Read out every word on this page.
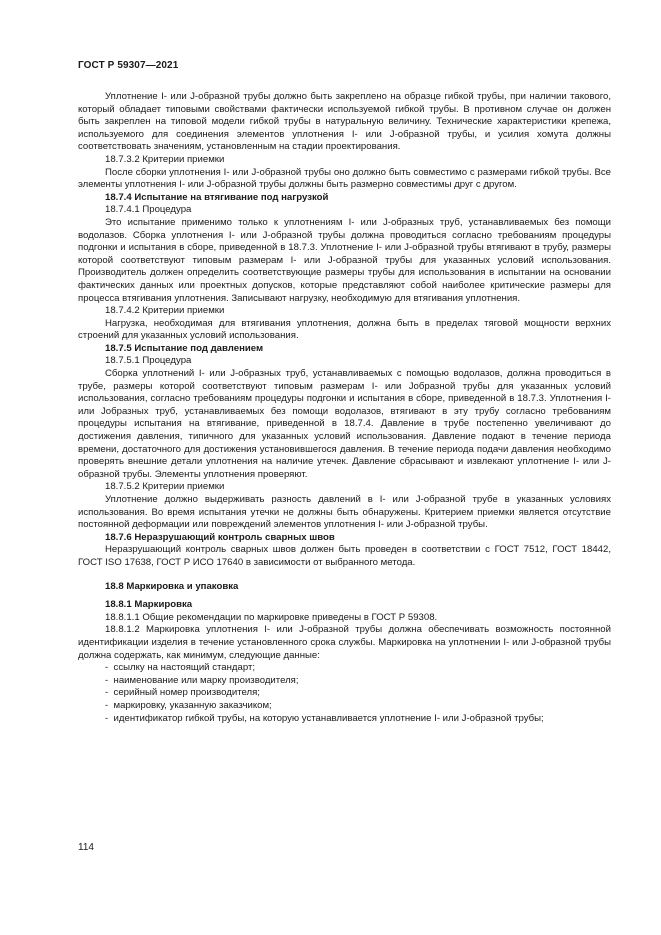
ГОСТ Р 59307—2021

Уплотнение I- или J-образной трубы должно быть закреплено на образце гибкой трубы, при наличии такового, который обладает типовыми свойствами фактически используемой гибкой трубы. В противном случае он должен быть закреплен на типовой модели гибкой трубы в натуральную величину. Технические характеристики крепежа, используемого для соединения элементов уплотнения I- или J-образной трубы, и усилия хомута должны соответствовать значениям, установленным на стадии проектирования.

18.7.3.2 Критерии приемки

После сборки уплотнения I- или J-образной трубы оно должно быть совместимо с размерами гибкой трубы. Все элементы уплотнения I- или J-образной трубы должны быть размерно совместимы друг с другом.

18.7.4 Испытание на втягивание под нагрузкой

18.7.4.1 Процедура

Это испытание применимо только к уплотнениям I- или J-образных труб, устанавливаемых без помощи водолазов. Сборка уплотнения I- или J-образной трубы должна проводиться согласно требованиям процедуры подгонки и испытания в сборе, приведенной в 18.7.3. Уплотнение I- или J-образной трубы втягивают в трубу, размеры которой соответствуют типовым размерам I- или J-образной трубы для указанных условий использования. Производитель должен определить соответствующие размеры трубы для использования в испытании на основании фактических данных или проектных допусков, которые представляют собой наиболее критические размеры для процесса втягивания уплотнения. Записывают нагрузку, необходимую для втягивания уплотнения.

18.7.4.2 Критерии приемки

Нагрузка, необходимая для втягивания уплотнения, должна быть в пределах тяговой мощности верхних строений для указанных условий использования.

18.7.5 Испытание под давлением

18.7.5.1 Процедура

Сборка уплотнений I- или J-образных труб, устанавливаемых с помощью водолазов, должна проводиться в трубе, размеры которой соответствуют типовым размерам I- или Jобразной трубы для указанных условий использования, согласно требованиям процедуры подгонки и испытания в сборе, приведенной в 18.7.3. Уплотнения I- или Jобразных труб, устанавливаемых без помощи водолазов, втягивают в эту трубу согласно требованиям процедуры испытания на втягивание, приведенной в 18.7.4. Давление в трубе постепенно увеличивают до достижения давления, типичного для указанных условий использования. Давление подают в течение периода времени, достаточного для достижения установившегося давления. В течение периода подачи давления необходимо проверять внешние детали уплотнения на наличие утечек. Давление сбрасывают и извлекают уплотнение I- или J-образной трубы. Элементы уплотнения проверяют.

18.7.5.2 Критерии приемки

Уплотнение должно выдерживать разность давлений в I- или J-образной трубе в указанных условиях использования. Во время испытания утечки не должны быть обнаружены. Критерием приемки является отсутствие постоянной деформации или повреждений элементов уплотнения I- или J-образной трубы.

18.7.6 Неразрушающий контроль сварных швов

Неразрушающий контроль сварных швов должен быть проведен в соответствии с ГОСТ 7512, ГОСТ 18442, ГОСТ ISO 17638, ГОСТ Р ИСО 17640 в зависимости от выбранного метода.

18.8 Маркировка и упаковка

18.8.1 Маркировка

18.8.1.1 Общие рекомендации по маркировке приведены в ГОСТ Р 59308.

18.8.1.2 Маркировка уплотнения I- или J-образной трубы должна обеспечивать возможность постоянной идентификации изделия в течение установленного срока службы. Маркировка на уплотнении I- или J-образной трубы должна содержать, как минимум, следующие данные:

-  ссылку на настоящий стандарт;
-  наименование или марку производителя;
-  серийный номер производителя;
-  маркировку, указанную заказчиком;
-  идентификатор гибкой трубы, на которую устанавливается уплотнение I- или J-образной трубы;
114
